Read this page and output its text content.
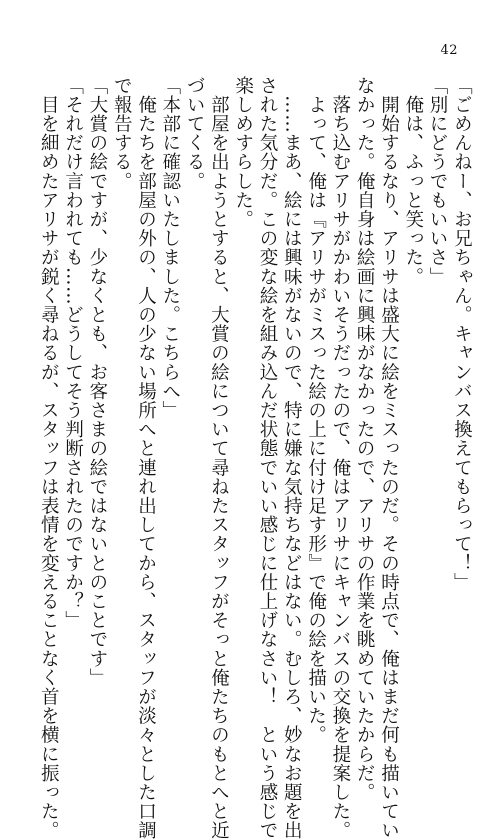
42
「ごめんねー、お兄ちゃん。キャンバス換えてもらって！」
「別にどうでもいいさ」
　俺は、ふっと笑った。
　開始するなり、アリサは盛大に絵をミスったのだ。その時点で、俺はまだ何も描いてい
なかった。俺自身は絵画に興味がなかったので、アリサの作業を眺めていたからだ。
　落ち込むアリサがかわいそうだったので、俺はアリサにキャンバスの交換を提案した。
　よって、俺は『アリサがミスった絵の上に付け足す形』で俺の絵を描いた。
　……まあ、絵には興味がないので、特に嫌な気持ちなどはない。むしろ、妙なお題を出
された気分だ。この変な絵を組み込んだ状態でいい感じに仕上げなさい！　という感じで
楽しめすらした。
　部屋を出ようとすると、大賞の絵について尋ねたスタッフがそっと俺たちのもとへと近
づいてくる。
「本部に確認いたしました。こちらへ」
　俺たちを部屋の外の、人の少ない場所へと連れ出してから、スタッフが淡々とした口調
で報告する。
「大賞の絵ですが、少なくとも、お客さまの絵ではないとのことです」
「それだけ言われても……どうしてそう判断されたのですか？」
　目を細めたアリサが鋭く尋ねるが、スタッフは表情を変えることなく首を横に振った。
